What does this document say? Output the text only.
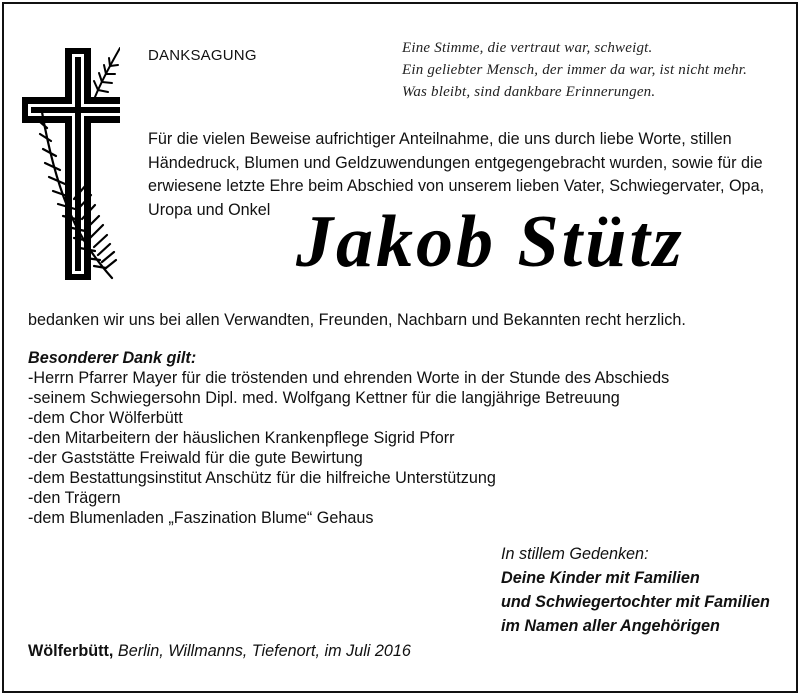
DANKSAGUNG	Eine Stimme, die vertraut war, schweigt.
Ein geliebter Mensch, der immer da war, ist nicht mehr.
Was bleibt, sind dankbare Erinnerungen.
Für die vielen Beweise aufrichtiger Anteilnahme, die uns durch liebe Worte, stillen
Händedruck, Blumen und Geldzuwendungen entgegengebracht wurden, sowie für die
erwiesene letzte Ehre beim Abschied von unserem lieben Vater, Schwiegervater, Opa,
Uropa und Onkel Jakob Stütz
bedanken wir uns bei allen Verwandten, Freunden, Nachbarn und Bekannten recht herzlich.
Besonderer Dank gilt:
-Herrn Pfarrer Mayer für die tröstenden und ehrenden Worte in der Stunde des Abschieds
-seinem Schwiegersohn Dipl. med. Wolfgang Kettner für die langjährige Betreuung
-dem Chor Wölferbütt
-den Mitarbeitern der häuslichen Krankenpflege Sigrid Pforr
-der Gaststätte Freiwald für die gute Bewirtung
-dem Bestattungsinstitut Anschütz für die hilfreiche Unterstützung
-den Trägern
-dem Blumenladen „Faszination Blume“ Gehaus
In stillem Gedenken:
Deine Kinder mit Familien
und Schwiegertochter mit Familien
im Namen aller Angehörigen
Wölferbütt, Berlin, Willmanns, Tiefenort, im Juli 2016
